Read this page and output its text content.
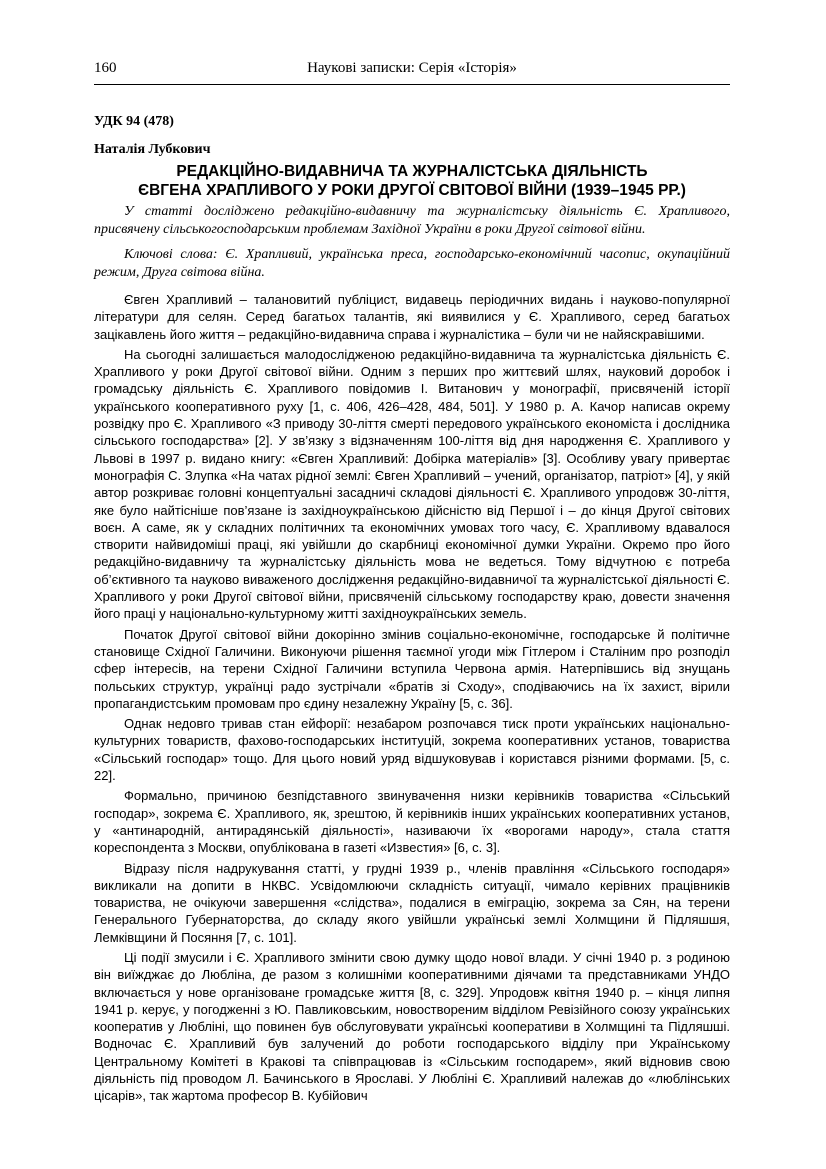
160	Наукові записки: Серія «Історія»

УДК 94 (478)

Наталія Лубкович

РЕДАКЦІЙНО-ВИДАВНИЧА ТА ЖУРНАЛІСТСЬКА ДІЯЛЬНІСТЬ
ЄВГЕНА ХРАПЛИВОГО У РОКИ ДРУГОЇ СВІТОВОЇ ВІЙНИ (1939–1945 РР.)

У статті досліджено редакційно-видавничу та журналістську діяльність Є. Храпливого, присвячену сільськогосподарським проблемам Західної України в роки Другої світової війни.

Ключові слова: Є. Храпливий, українська преса, господарсько-економічний часопис, окупаційний режим, Друга світова війна.

Євген Храпливий – талановитий публіцист, видавець періодичних видань і науково-популярної літератури для селян. Серед багатьох талантів, які виявилися у Є. Храпливого, серед багатьох зацікавлень його життя – редакційно-видавнича справа і журналістика – були чи не найяскравішими.

На сьогодні залишається малодослідженою редакційно-видавнича та журналістська діяльність Є. Храпливого у роки Другої світової війни. Одним з перших про життєвий шлях, науковий доробок і громадську діяльність Є. Храпливого повідомив І. Витанович у монографії, присвяченій історії українського кооперативного руху [1, с. 406, 426–428, 484, 501]. У 1980 р. А. Качор написав окрему розвідку про Є. Храпливого «З приводу 30-ліття смерті передового українського економіста і дослідника сільського господарства» [2]. У зв’язку з відзначенням 100-ліття від дня народження Є. Храпливого у Львові в 1997 р. видано книгу: «Євген Храпливий: Добірка матеріалів» [3]. Особливу увагу привертає монографія С. Злупка «На чатах рідної землі: Євген Храпливий – учений, організатор, патріот» [4], у якій автор розкриває головні концептуальні засадничі складові діяльності Є. Храпливого упродовж 30-ліття, яке було найтісніше пов’язане із західноукраїнською дійсністю від Першої і – до кінця Другої світових воєн. А саме, як у складних політичних та економічних умовах того часу, Є. Храпливому вдавалося створити найвидоміші праці, які увійшли до скарбниці економічної думки України. Окремо про його редакційно-видавничу та журналістську діяльність мова не ведеться. Тому відчутною є потреба об’єктивного та науково виваженого дослідження редакційно-видавничої та журналістської діяльності Є. Храпливого у роки Другої світової війни, присвяченій сільському господарству краю, довести значення його праці у національно-культурному житті західноукраїнських земель.

Початок Другої світової війни докорінно змінив соціально-економічне, господарське й політичне становище Східної Галичини. Виконуючи рішення таємної угоди між Гітлером і Сталіним про розподіл сфер інтересів, на терени Східної Галичини вступила Червона армія. Натерпівшись від знущань польських структур, українці радо зустрічали «братів зі Сходу», сподіваючись на їх захист, вірили пропагандистським промовам про єдину незалежну Україну [5, с. 36].

Однак недовго тривав стан ейфорії: незабаром розпочався тиск проти українських національно-культурних товариств, фахово-господарських інституцій, зокрема кооперативних установ, товариства «Сільський господар» тощо. Для цього новий уряд відшуковував і користався різними формами. [5, с. 22].

Формально, причиною безпідставного звинувачення низки керівників товариства «Сільський господар», зокрема Є. Храпливого, як, зрештою, й керівників інших українських кооперативних установ, у «антинародній, антирадянській діяльності», називаючи їх «ворогами народу», стала стаття кореспондента з Москви, опублікована в газеті «Известия» [6, с. 3].

Відразу після надрукування статті, у грудні 1939 р., членів правління «Сільського господаря» викликали на допити в НКВС. Усвідомлюючи складність ситуації, чимало керівних працівників товариства, не очікуючи завершення «слідства», подалися в еміграцію, зокрема за Сян, на терени Генерального Губернаторства, до складу якого увійшли українські землі Холмщини й Підляшшя, Лемківщини й Посяння [7, с. 101].

Ці події змусили і Є. Храпливого змінити свою думку щодо нової влади. У січні 1940 р. з родиною він виїжджає до Любліна, де разом з колишніми кооперативними діячами та представниками УНДО включається у нове організоване громадське життя [8, с. 329]. Упродовж квітня 1940 р. – кінця липня 1941 р. керує, у погодженні з Ю. Павликовським, новоствореним відділом Ревізійного союзу українських кооператив у Любліні, що повинен був обслуговувати українські кооперативи в Холмщині та Підляшші. Водночас Є. Храпливий був залучений до роботи господарського відділу при Українському Центральному Комітеті в Кракові та співпрацював із «Сільським господарем», який відновив свою діяльність під проводом Л. Бачинського в Ярославі. У Любліні Є. Храпливий належав до «люблінських цісарів», так жартома професор В. Кубійович
